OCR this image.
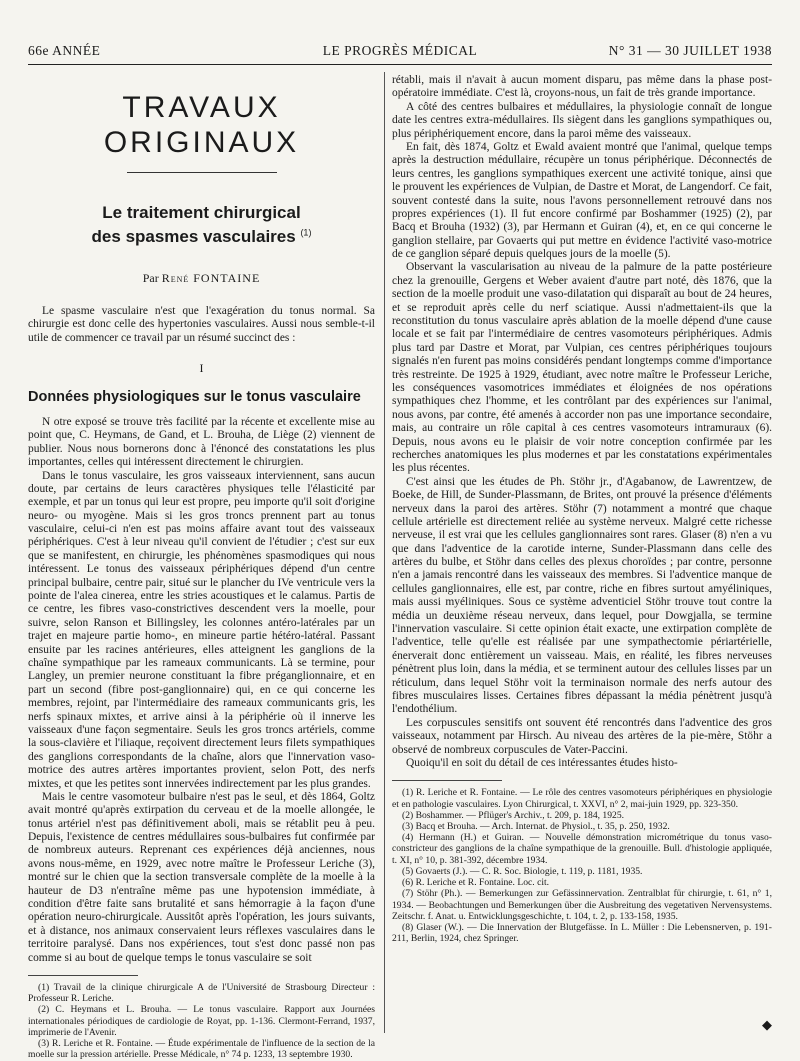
66e ANNÉE	LE PROGRÈS MÉDICAL	N° 31 — 30 JUILLET 1938
TRAVAUX ORIGINAUX
Le traitement chirurgical
des spasmes vasculaires $^{(1)}$
Par René FONTAINE

Le spasme vasculaire n'est que l'exagération du tonus normal. Sa chirurgie est donc celle des hypertonies vasculaires. Aussi nous semble-t-il utile de commencer ce travail par un résumé succinct des :

I
Données physiologiques sur le tonus vasculaire

N otre exposé se trouve très facilité par la récente et excellente mise au point que, C. Heymans, de Gand, et L. Brouha, de Liège (2) viennent de publier. Nous nous bornerons donc à l'énoncé des constatations les plus importantes, celles qui intéressent directement le chirurgien.

Dans le tonus vasculaire, les gros vaisseaux interviennent, sans aucun doute, par certains de leurs caractères physiques telle l'élasticité par exemple, et par un tonus qui leur est propre, peu importe qu'il soit d'origine neuro- ou myogène. Mais si les gros troncs prennent part au tonus vasculaire, celui-ci n'en est pas moins affaire avant tout des vaisseaux périphériques. C'est à leur niveau qu'il convient de l'étudier ; c'est sur eux que se manifestent, en chirurgie, les phénomènes spasmodiques qui nous intéressent. Le tonus des vaisseaux périphériques dépend d'un centre principal bulbaire, centre pair, situé sur le plancher du IVe ventricule vers la pointe de l'alea cinerea, entre les stries acoustiques et le calamus. Partis de ce centre, les fibres vaso-constrictives descendent vers la moelle, pour suivre, selon Ranson et Billingsley, les colonnes antéro-latérales par un trajet en majeure partie homo-, en mineure partie hétéro-latéral. Passant ensuite par les racines antérieures, elles atteignent les ganglions de la chaîne sympathique par les rameaux communicants. Là se termine, pour Langley, un premier neurone constituant la fibre préganglionnaire, et en part un second (fibre post-ganglionnaire) qui, en ce qui concerne les membres, rejoint, par l'intermédiaire des rameaux communicants gris, les nerfs spinaux mixtes, et arrive ainsi à la périphérie où il innerve les vaisseaux d'une façon segmentaire. Seuls les gros troncs artériels, comme la sous-clavière et l'iliaque, reçoivent directement leurs filets sympathiques des ganglions correspondants de la chaîne, alors que l'innervation vaso-motrice des autres artères importantes provient, selon Pott, des nerfs mixtes, et que les petites sont innervées indirectement par les plus grandes.

Mais le centre vasomoteur bulbaire n'est pas le seul, et dès 1864, Goltz avait montré qu'après extirpation du cerveau et de la moelle allongée, le tonus artériel n'est pas définitivement aboli, mais se rétablit peu à peu. Depuis, l'existence de centres médullaires sous-bulbaires fut confirmée par de nombreux auteurs. Reprenant ces expériences déjà anciennes, nous avons nous-même, en 1929, avec notre maître le Professeur Leriche (3), montré sur le chien que la section transversale complète de la moelle à la hauteur de D3 n'entraîne même pas une hypotension immédiate, à condition d'être faite sans brutalité et sans hémorragie à la façon d'une opération neuro-chirurgicale. Aussitôt après l'opération, les jours suivants, et à distance, nos animaux conservaient leurs réflexes vasculaires dans le territoire paralysé. Dans nos expériences, tout s'est donc passé non pas comme si au bout de quelque temps le tonus vasculaire se soit

(1) Travail de la clinique chirurgicale A de l'Université de Strasbourg Directeur : Professeur R. Leriche.
(2) C. Heymans et L. Brouha. — Le tonus vasculaire. Rapport aux Journées internationales périodiques de cardiologie de Royat, pp. 1-136. Clermont-Ferrand, 1937, imprimerie de l'Avenir.
(3) R. Leriche et R. Fontaine. — Étude expérimentale de l'influence de la section de la moelle sur la pression artérielle. Presse Médicale, n° 74 p. 1233, 13 septembre 1930.

rétabli, mais il n'avait à aucun moment disparu, pas même dans la phase post-opératoire immédiate. C'est là, croyons-nous, un fait de très grande importance.

A côté des centres bulbaires et médullaires, la physiologie connaît de longue date les centres extra-médullaires. Ils siègent dans les ganglions sympathiques ou, plus périphériquement encore, dans la paroi même des vaisseaux.

En fait, dès 1874, Goltz et Ewald avaient montré que l'animal, quelque temps après la destruction médullaire, récupère un tonus périphérique. Déconnectés de leurs centres, les ganglions sympathiques exercent une activité tonique, ainsi que le prouvent les expériences de Vulpian, de Dastre et Morat, de Langendorf. Ce fait, souvent contesté dans la suite, nous l'avons personnellement retrouvé dans nos propres expériences (1). Il fut encore confirmé par Boshammer (1925) (2), par Bacq et Brouha (1932) (3), par Hermann et Guiran (4), et, en ce qui concerne le ganglion stellaire, par Govaerts qui put mettre en évidence l'activité vaso-motrice de ce ganglion séparé depuis quelques jours de la moelle (5).

Observant la vascularisation au niveau de la palmure de la patte postérieure chez la grenouille, Gergens et Weber avaient d'autre part noté, dès 1876, que la section de la moelle produit une vaso-dilatation qui disparaît au bout de 24 heures, et se reproduit après celle du nerf sciatique. Aussi n'admettaient-ils que la reconstitution du tonus vasculaire après ablation de la moelle dépend d'une cause locale et se fait par l'intermédiaire de centres vasomoteurs périphériques. Admis plus tard par Dastre et Morat, par Vulpian, ces centres périphériques toujours signalés n'en furent pas moins considérés pendant longtemps comme d'importance très restreinte. De 1925 à 1929, étudiant, avec notre maître le Professeur Leriche, les conséquences vasomotrices immédiates et éloignées de nos opérations sympathiques chez l'homme, et les contrôlant par des expériences sur l'animal, nous avons, par contre, été amenés à accorder non pas une importance secondaire, mais, au contraire un rôle capital à ces centres vasomoteurs intramuraux (6). Depuis, nous avons eu le plaisir de voir notre conception confirmée par les recherches anatomiques les plus modernes et par les constatations expérimentales les plus récentes.

C'est ainsi que les études de Ph. Stöhr jr., d'Agabanow, de Lawrentzew, de Boeke, de Hill, de Sunder-Plassmann, de Brites, ont prouvé la présence d'éléments nerveux dans la paroi des artères. Stöhr (7) notamment a montré que chaque cellule artérielle est directement reliée au système nerveux. Malgré cette richesse nerveuse, il est vrai que les cellules ganglionnaires sont rares. Glaser (8) n'en a vu que dans l'adventice de la carotide interne, Sunder-Plassmann dans celle des artères du bulbe, et Stöhr dans celles des plexus choroïdes ; par contre, personne n'en a jamais rencontré dans les vaisseaux des membres. Si l'adventice manque de cellules ganglionnaires, elle est, par contre, riche en fibres surtout amyéliniques, mais aussi myéliniques. Sous ce système adventiciel Stöhr trouve tout contre la média un deuxième réseau nerveux, dans lequel, pour Dowgjalla, se termine l'innervation vasculaire. Si cette opinion était exacte, une extirpation complète de l'adventice, telle qu'elle est réalisée par une sympathectomie périartérielle, énerverait donc entièrement un vaisseau. Mais, en réalité, les fibres nerveuses pénètrent plus loin, dans la média, et se terminent autour des cellules lisses par un réticulum, dans lequel Stöhr voit la terminaison normale des nerfs autour des fibres musculaires lisses. Certaines fibres dépassant la média pénètrent jusqu'à l'endothélium.

Les corpuscules sensitifs ont souvent été rencontrés dans l'adventice des gros vaisseaux, notamment par Hirsch. Au niveau des artères de la pie-mère, Stöhr a observé de nombreux corpuscules de Vater-Paccini.

Quoiqu'il en soit du détail de ces intéressantes études histo-

(1) R. Leriche et R. Fontaine. — Le rôle des centres vasomoteurs périphériques en physiologie et en pathologie vasculaires. Lyon Chirurgical, t. XXVI, n° 2, mai-juin 1929, pp. 323-350.
(2) Boshammer. — Pflüger's Archiv., t. 209, p. 184, 1925.
(3) Bacq et Brouha. — Arch. Internat. de Physiol., t. 35, p. 250, 1932.
(4) Hermann (H.) et Guiran. — Nouvelle démonstration micrométrique du tonus vaso-constricteur des ganglions de la chaîne sympathique de la grenouille. Bull. d'histologie appliquée, t. XI, n° 10, p. 381-392, décembre 1934.
(5) Govaerts (J.). — C. R. Soc. Biologie, t. 119, p. 1181, 1935.
(6) R. Leriche et R. Fontaine. Loc. cit.
(7) Stöhr (Ph.). — Bemerkungen zur Gefässinnervation. Zentralblat für chirurgie, t. 61, n° 1, 1934. — Beobachtungen und Bemerkungen über die Ausbreitung des vegetativen Nervensystems. Zeitschr. f. Anat. u. Entwicklungsgeschichte, t. 104, t. 2, p. 133-158, 1935.
(8) Glaser (W.). — Die Innervation der Blutgefässe. In L. Müller : Die Lebensnerven, p. 191-211, Berlin, 1924, chez Springer.
◆
